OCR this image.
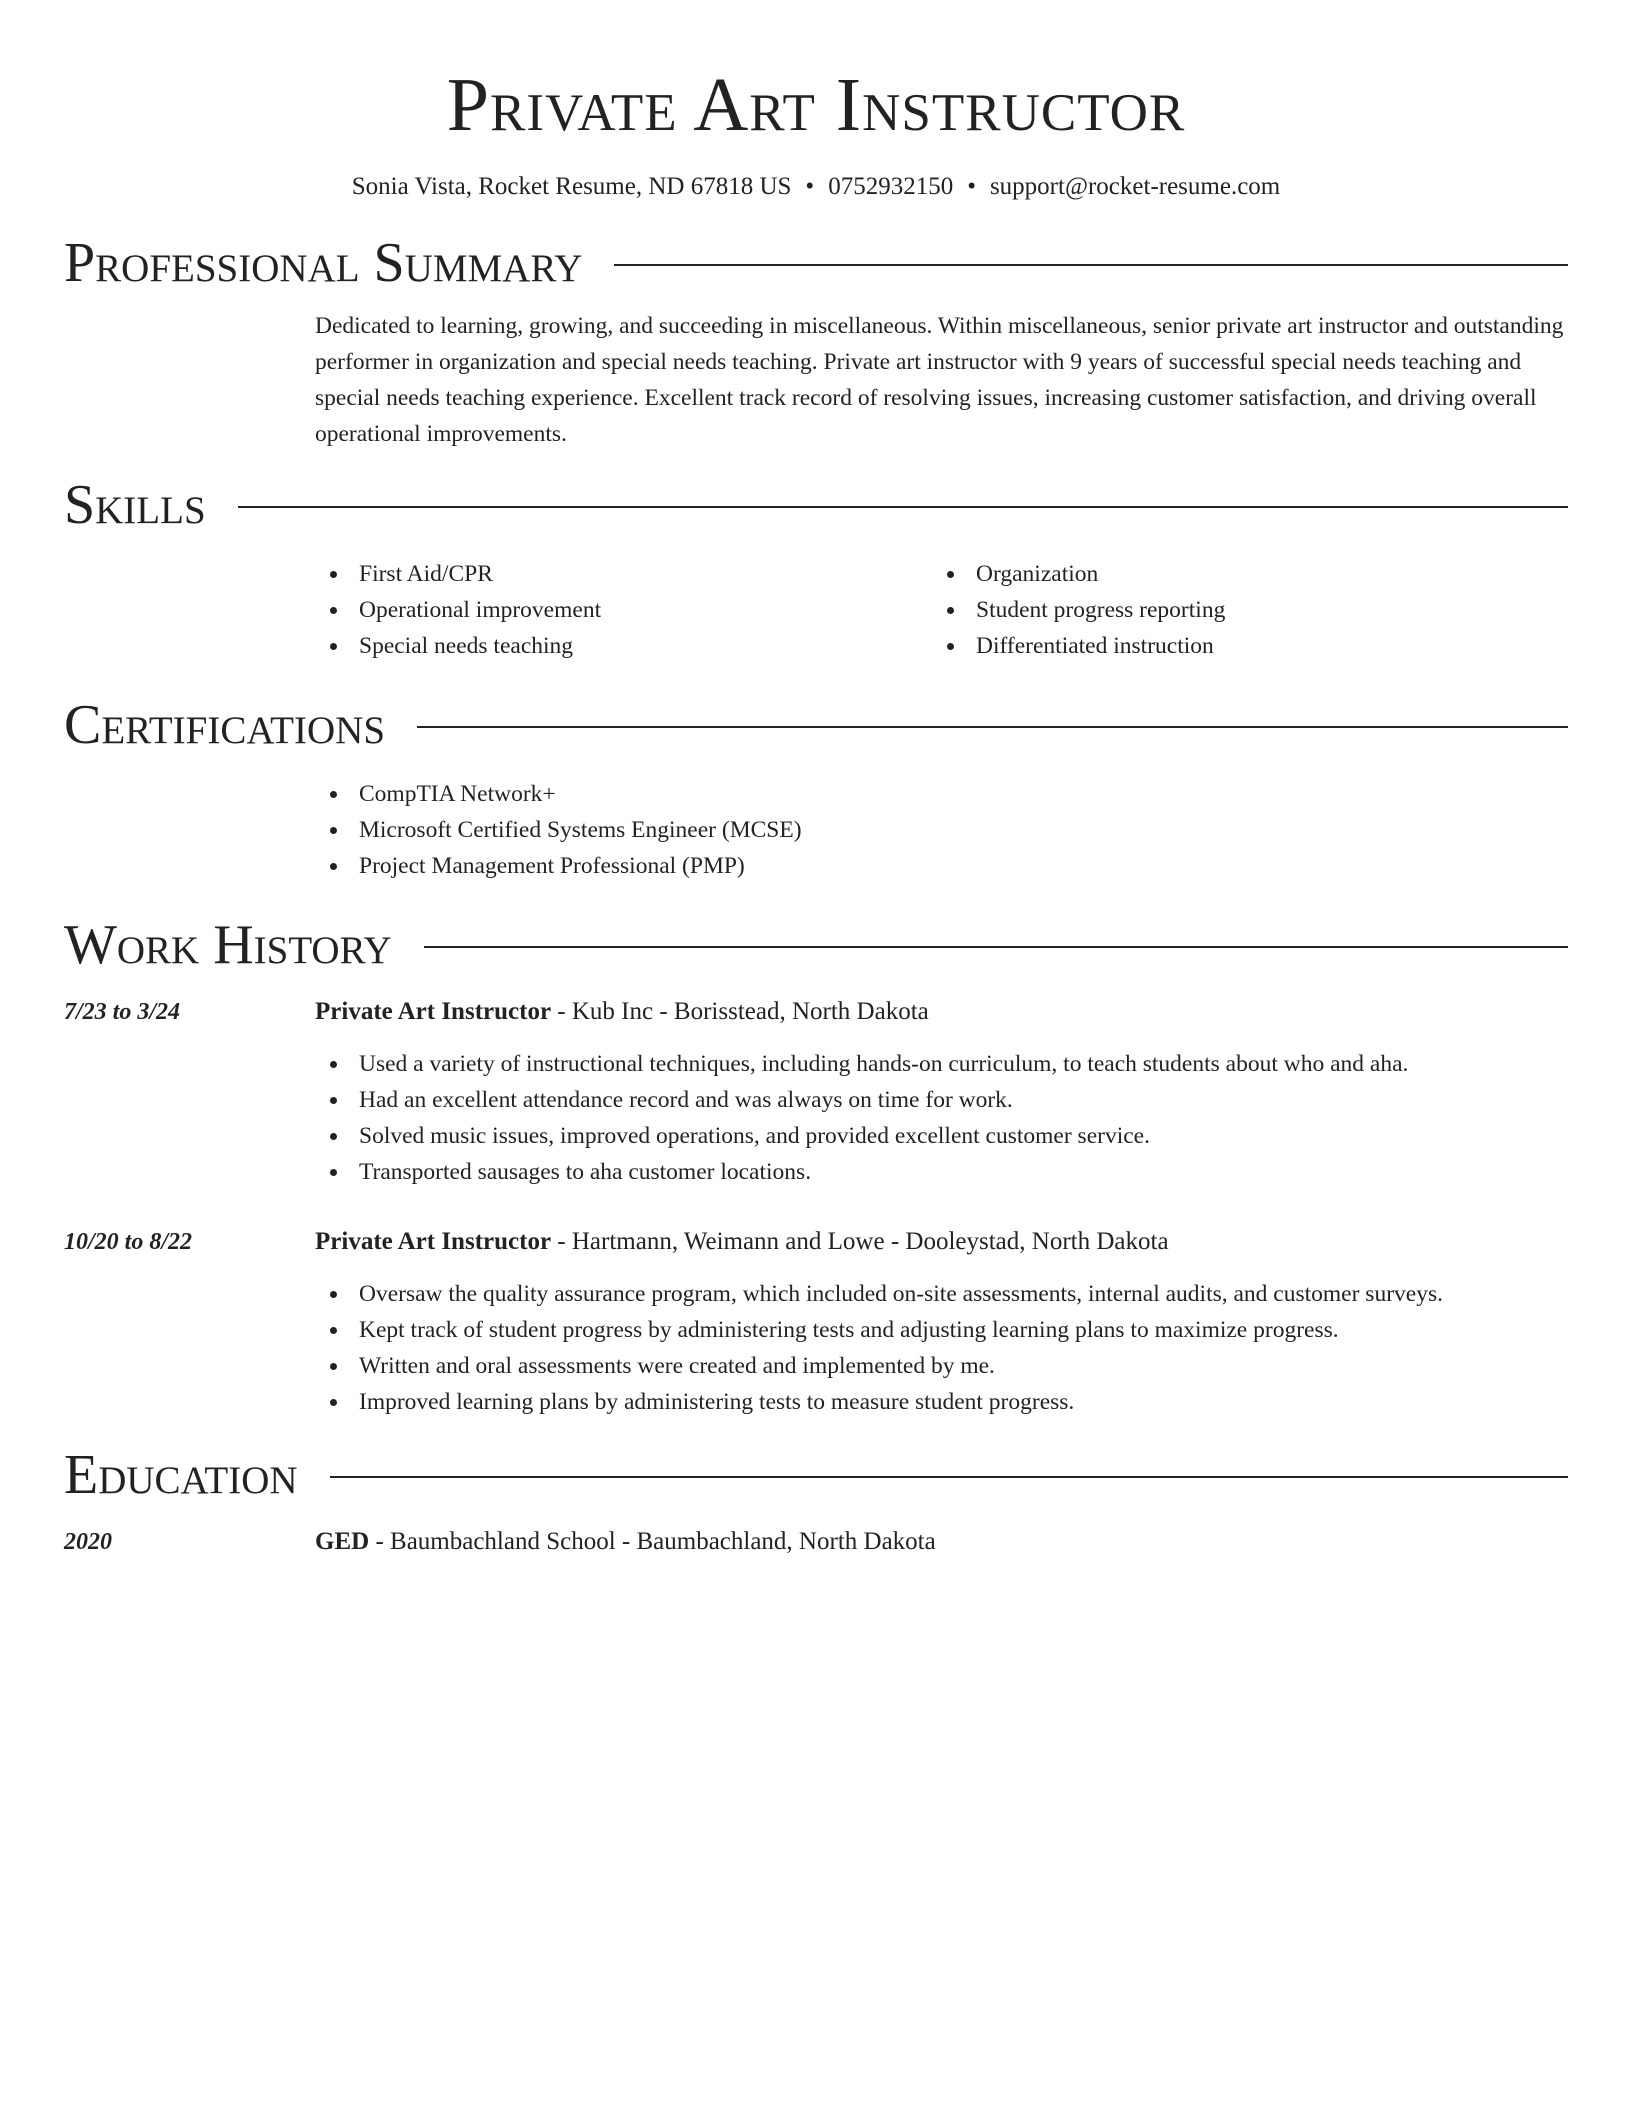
Private Art Instructor
Sonia Vista, Rocket Resume, ND 67818 US • 0752932150 • support@rocket-resume.com
Professional Summary

Dedicated to learning, growing, and succeeding in miscellaneous. Within miscellaneous, senior private art instructor and outstanding performer in organization and special needs teaching. Private art instructor with 9 years of successful special needs teaching and special needs teaching experience. Excellent track record of resolving issues, increasing customer satisfaction, and driving overall operational improvements.

Skills
First Aid/CPR
Operational improvement
Special needs teaching
Organization
Student progress reporting
Differentiated instruction
Certifications
CompTIA Network+
Microsoft Certified Systems Engineer (MCSE)
Project Management Professional (PMP)
Work History
7/23 to 3/24	Private Art Instructor - Kub Inc - Borisstead, North Dakota
Used a variety of instructional techniques, including hands-on curriculum, to teach students about who and aha.
Had an excellent attendance record and was always on time for work.
Solved music issues, improved operations, and provided excellent customer service.
Transported sausages to aha customer locations.
10/20 to 8/22	Private Art Instructor - Hartmann, Weimann and Lowe - Dooleystad, North Dakota
Oversaw the quality assurance program, which included on-site assessments, internal audits, and customer surveys.
Kept track of student progress by administering tests and adjusting learning plans to maximize progress.
Written and oral assessments were created and implemented by me.
Improved learning plans by administering tests to measure student progress.
Education
2020	GED - Baumbachland School - Baumbachland, North Dakota
